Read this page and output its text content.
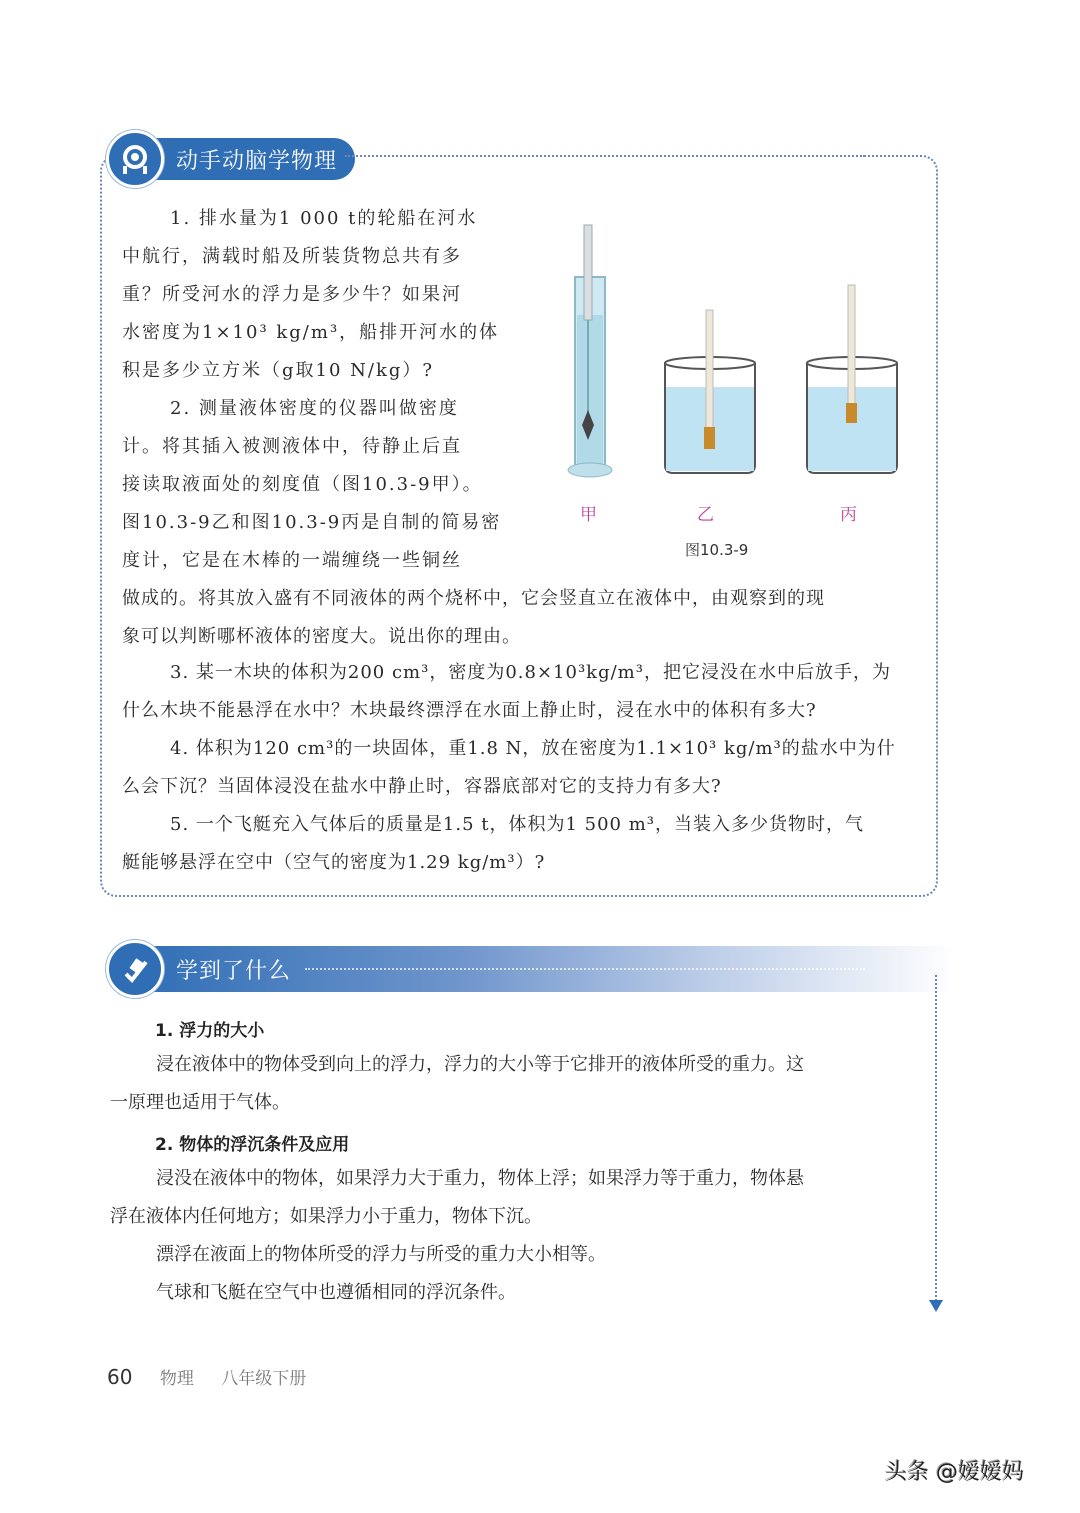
动手动脑学物理
1. 排水量为1 000 t的轮船在河水
中航行，满载时船及所装货物总共有多
重？所受河水的浮力是多少牛？如果河
水密度为1×10³ kg/m³，船排开河水的体
积是多少立方米（g取10 N/kg）?
2. 测量液体密度的仪器叫做密度
计。将其插入被测液体中，待静止后直
接读取液面处的刻度值（图10.3-9甲）。
图10.3-9乙和图10.3-9丙是自制的简易密
度计，它是在木棒的一端缠绕一些铜丝
做成的。将其放入盛有不同液体的两个烧杯中，它会竖直立在液体中，由观察到的现
象可以判断哪杯液体的密度大。说出你的理由。
3. 某一木块的体积为200 cm³，密度为0.8×10³kg/m³，把它浸没在水中后放手，为
什么木块不能悬浮在水中？木块最终漂浮在水面上静止时，浸在水中的体积有多大?
4. 体积为120 cm³的一块固体，重1.8 N，放在密度为1.1×10³ kg/m³的盐水中为什
么会下沉？当固体浸没在盐水中静止时，容器底部对它的支持力有多大?
5. 一个飞艇充入气体后的质量是1.5 t，体积为1 500 m³，当装入多少货物时，气
艇能够悬浮在空中（空气的密度为1.29 kg/m³）?
甲	乙	丙
图10.3-9
学到了什么
1. 浮力的大小
浸在液体中的物体受到向上的浮力，浮力的大小等于它排开的液体所受的重力。这
一原理也适用于气体。
2. 物体的浮沉条件及应用
浸没在液体中的物体，如果浮力大于重力，物体上浮；如果浮力等于重力，物体悬
浮在液体内任何地方；如果浮力小于重力，物体下沉。
漂浮在液面上的物体所受的浮力与所受的重力大小相等。
气球和飞艇在空气中也遵循相同的浮沉条件。
60 物理 八年级下册
头条 @嫒嫒妈
